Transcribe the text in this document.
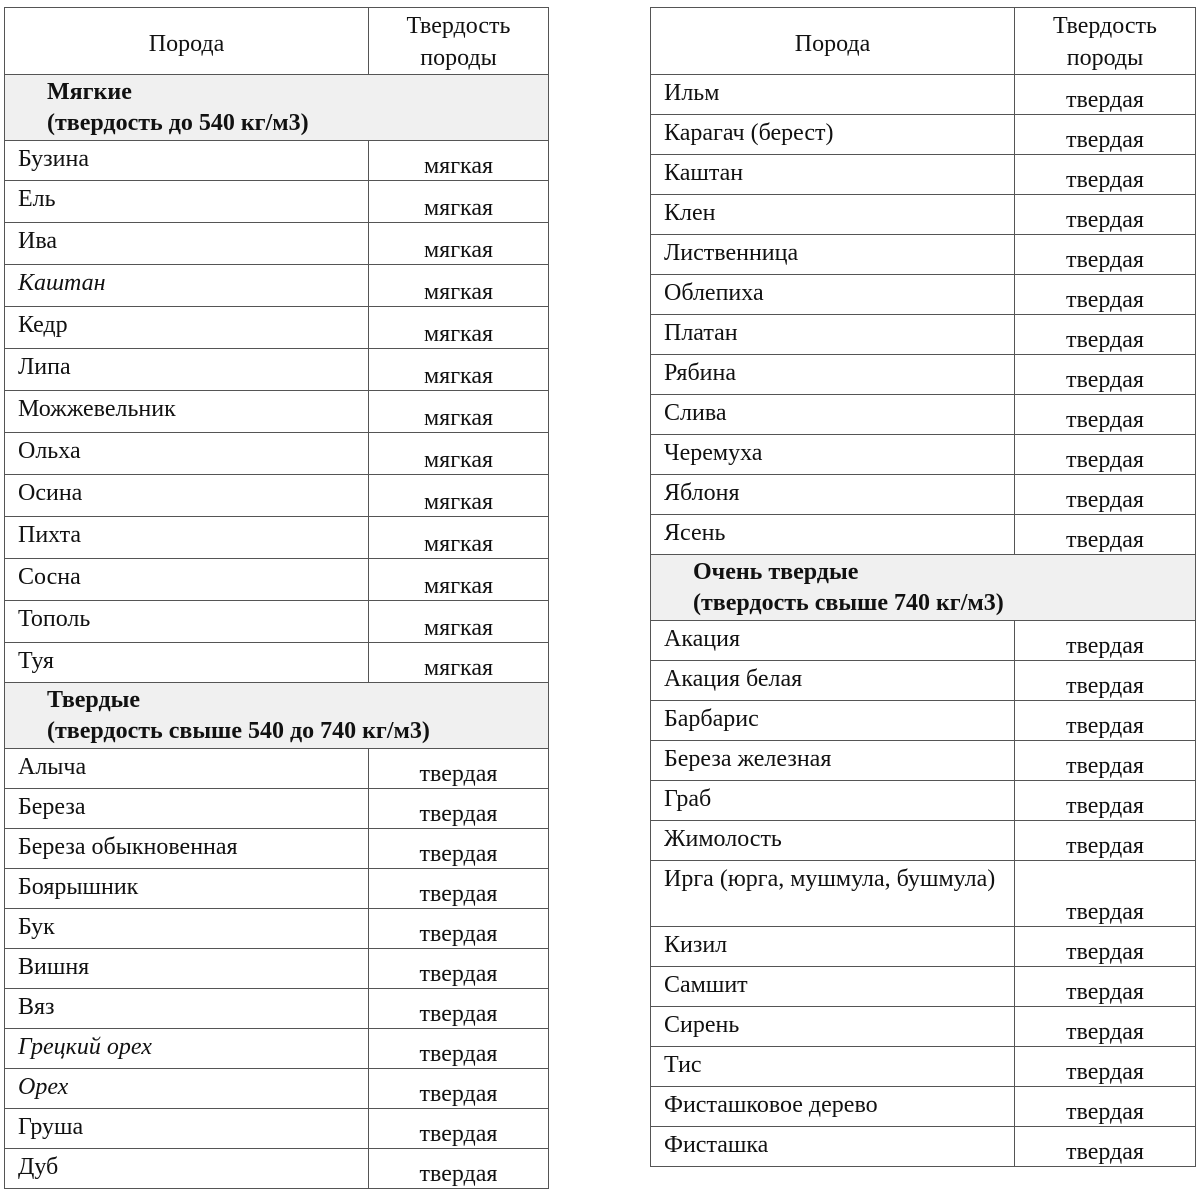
Порода	Твердость
породы

Мягкие
(твердость до 540 кг/м3)	

Бузина	мягкая
Ель	мягкая
Ива	мягкая
Каштан	мягкая
Кедр	мягкая
Липа	мягкая
Можжевельник	мягкая
Ольха	мягкая
Осина	мягкая
Пихта	мягкая
Сосна	мягкая
Тополь	мягкая
Туя	мягкая

Твердые
(твердость свыше 540 до 740 кг/м3)	

Алыча	твердая
Береза	твердая
Береза обыкновенная	твердая
Боярышник	твердая
Бук	твердая
Вишня	твердая
Вяз	твердая
Грецкий орех	твердая
Орех	твердая
Груша	твердая
Дуб	твердая
Порода	Твердость
породы

Ильм	твердая
Карагач (берест)	твердая
Каштан	твердая
Клен	твердая
Лиственница	твердая
Облепиха	твердая
Платан	твердая
Рябина	твердая
Слива	твердая
Черемуха	твердая
Яблоня	твердая
Ясень	твердая

Очень твердые
(твердость свыше 740 кг/м3)	

Акация	твердая
Акация белая	твердая
Барбарис	твердая
Береза железная	твердая
Граб	твердая
Жимолость	твердая
Ирга (юрга, мушмула, бушмула)	твердая
Кизил	твердая
Самшит	твердая
Сирень	твердая
Тис	твердая
Фисташковое дерево	твердая
Фисташка	твердая
